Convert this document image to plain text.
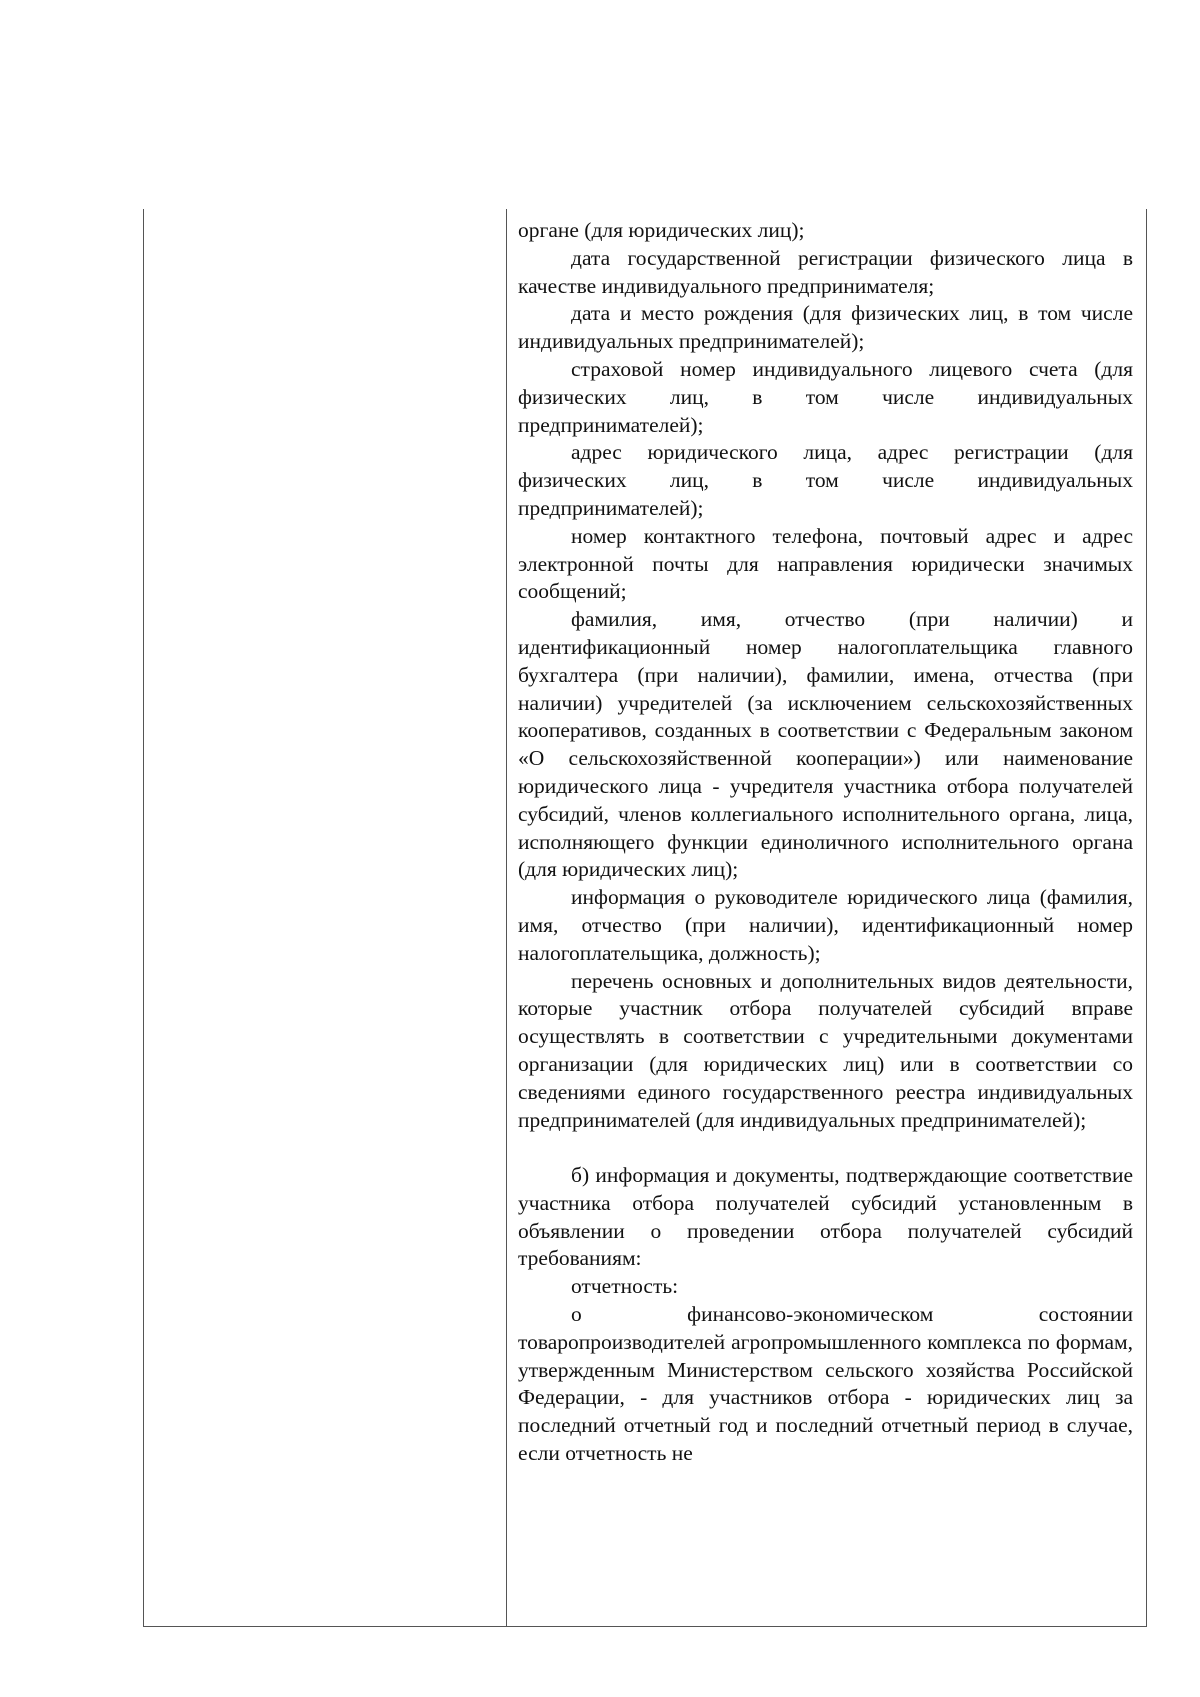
органе (для юридических лиц);

дата государственной регистрации физического лица в качестве индивидуального предпринимателя;

дата и место рождения (для физических лиц, в том числе индивидуальных предпринимателей);

страховой номер индивидуального лицевого счета (для физических лиц, в том числе индивидуальных предпринимателей);

адрес юридического лица, адрес регистрации (для физических лиц, в том числе индивидуальных предпринимателей);

номер контактного телефона, почтовый адрес и адрес электронной почты для направления юридически значимых сообщений;

фамилия, имя, отчество (при наличии) и идентификационный номер налогоплательщика главного бухгалтера (при наличии), фамилии, имена, отчества (при наличии) учредителей (за исключением сельскохозяйственных кооперативов, созданных в соответствии с Федеральным законом «О сельскохозяйственной кооперации») или наименование юридического лица - учредителя участника отбора получателей субсидий, членов коллегиального исполнительного органа, лица, исполняющего функции единоличного исполнительного органа (для юридических лиц);

информация о руководителе юридического лица (фамилия, имя, отчество (при наличии), идентификационный номер налогоплательщика, должность);

перечень основных и дополнительных видов деятельности, которые участник отбора получателей субсидий вправе осуществлять в соответствии с учредительными документами организации (для юридических лиц) или в соответствии со сведениями единого государственного реестра индивидуальных предпринимателей (для индивидуальных предпринимателей);

б) информация и документы, подтверждающие соответствие участника отбора получателей субсидий установленным в объявлении о проведении отбора получателей субсидий требованиям:

отчетность:

о финансово-экономическом состоянии товаропроизводителей агропромышленного комплекса по формам, утвержденным Министерством сельского хозяйства Российской Федерации, - для участников отбора - юридических лиц за последний отчетный год и последний отчетный период в случае, если отчетность не
